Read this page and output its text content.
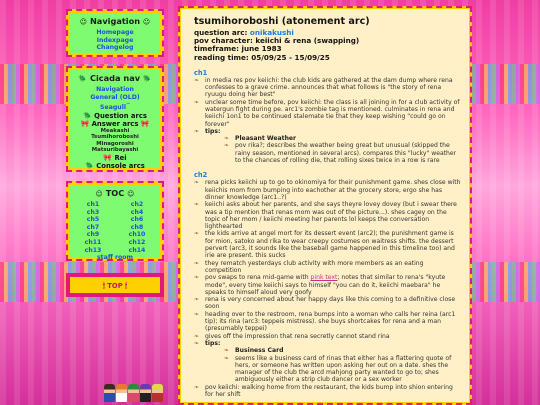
☺ Navigation ☺
Homepage
Indexpage
Changelog
🪲 Cicada nav 🪲
Navigation
General (OLD)
Seagull™
🪲 Question arcs
🎀 Answer arcs 🎀
Meakashi
Tsumihoroboshi
Minagoroshi
Matsuribayashi
🎀 Rei
🪲 Console arcs
☺ TOC ☺
ch1	ch2
ch3	ch4
ch5	ch6
ch7	ch8
ch9	ch10
ch11	ch12
ch13	ch14
staff room
🕯 TOP 🕯
tsumihoroboshi (atonement arc)
question arc: onikakushi
pov character: keiichi & rena (swapping)
timeframe: june 1983
reading time: 05/09/25 - 15/09/25
ch1
❧ in media res pov keiichi: the club kids are gathered at the dam dump where rena confesses to a grave crime. announces that what follows is "the story of rena ryuugu doing her best"
❧ unclear some time before, pov keiichi: the class is all joining in for a club activity of watergun fight during pe. arc1's zombie tag is mentioned. culminates in rena and keiichi 1on1 to be continued stalemate tie that they keep wishing "could go on forever"
❧ tips:
❧ Pleasant Weather
❧ pov rika?; describes the weather being great but unusual (skipped the rainy season, mentioned in several arcs). compares this "lucky" weather to the chances of rolling die, that rolling sixes twice in a row is rare
ch2
❧ rena picks keiichi up to go to okinomiya for their punishment game. shes close with keiichis mom from bumping into eachother at the grocery store, ergo she has dinner knowledge (arc1..?)
❧ keiichi asks about her parents, and she says theyre lovey dovey (but i swear there was a tip mention that renas mom was out of the picture...). shes cagey on the topic of her mom / keiichi meeting her parents lol keeps the conversation lighthearted
❧ the kids arrive at angel mort for its dessert event (arc2); the punishment game is for mion, satoko and rika to wear creepy costumes on waitress shifts. the dessert pervert (arc3, it sounds like the baseball game happened in this timeline too) and irie are present. this sucks
❧ they rematch yesterdays club activity with more members as an eating competition
❧ pov swaps to rena mid-game with pink text; notes that similar to rena's "kyute mode", every time keiichi says to himself "you can do it, keiichi maebara" he speaks to himself aloud very goofy
❧ rena is very concerned about her happy days like this coming to a definitive close soon
❧ heading over to the restroom, rena bumps into a woman who calls her reina (arc1 tip); its rina (arc3: teppeis mistress). she buys shortcakes for rena and a man (presumably teppei)
❧ gives off the impression that rena secretly cannot stand rina
❧ tips:
❧ Business Card
❧ seems like a business card of rinas that either has a flattering quote of hers, or someone has written upon asking her out on a date. shes the manager of the club the arcd mahjong party wanted to go to; shes ambiguously either a strip club dancer or a sex worker
❧ pov keiichi: walking home from the restaurant, the kids bump into shion entering for her shift
